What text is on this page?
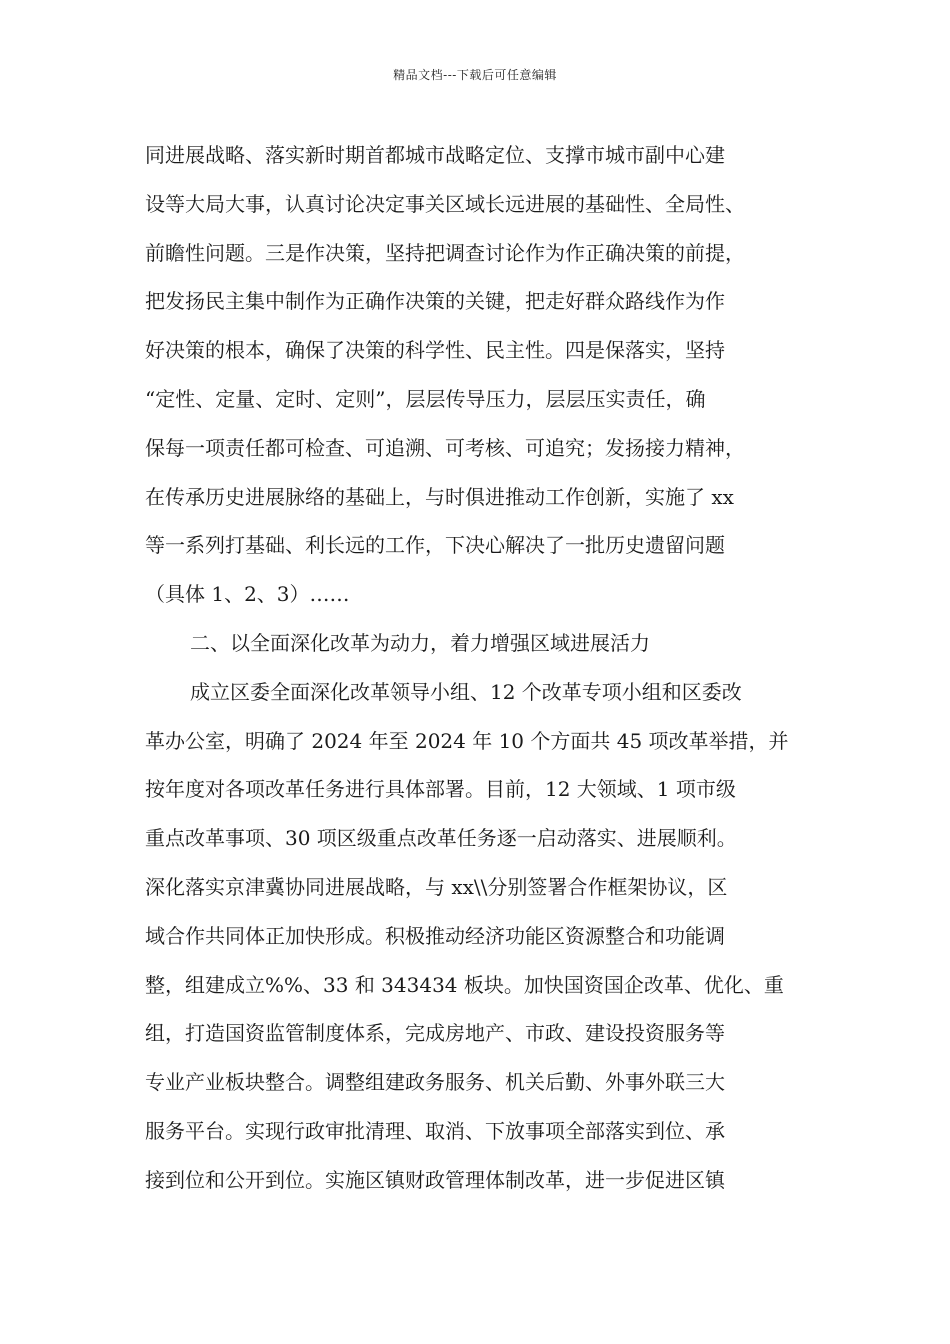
精品文档---下载后可任意编辑
同进展战略、落实新时期首都城市战略定位、支撑市城市副中心建
设等大局大事，认真讨论决定事关区域长远进展的基础性、全局性、
前瞻性问题。三是作决策，坚持把调查讨论作为作正确决策的前提，
把发扬民主集中制作为正确作决策的关键，把走好群众路线作为作
好决策的根本，确保了决策的科学性、民主性。四是保落实，坚持
“定性、定量、定时、定则”，层层传导压力，层层压实责任，确
保每一项责任都可检查、可追溯、可考核、可追究；发扬接力精神，
在传承历史进展脉络的基础上，与时俱进推动工作创新，实施了 xx
等一系列打基础、利长远的工作，下决心解决了一批历史遗留问题
（具体 1、2、3）……
二、以全面深化改革为动力，着力增强区域进展活力
成立区委全面深化改革领导小组、12 个改革专项小组和区委改
革办公室，明确了 2024 年至 2024 年 10 个方面共 45 项改革举措，并
按年度对各项改革任务进行具体部署。目前，12 大领域、1 项市级
重点改革事项、30 项区级重点改革任务逐一启动落实、进展顺利。
深化落实京津冀协同进展战略，与 xx\\分别签署合作框架协议，区
域合作共同体正加快形成。积极推动经济功能区资源整合和功能调
整，组建成立%%、33 和 343434 板块。加快国资国企改革、优化、重
组，打造国资监管制度体系，完成房地产、市政、建设投资服务等
专业产业板块整合。调整组建政务服务、机关后勤、外事外联三大
服务平台。实现行政审批清理、取消、下放事项全部落实到位、承
接到位和公开到位。实施区镇财政管理体制改革，进一步促进区镇
